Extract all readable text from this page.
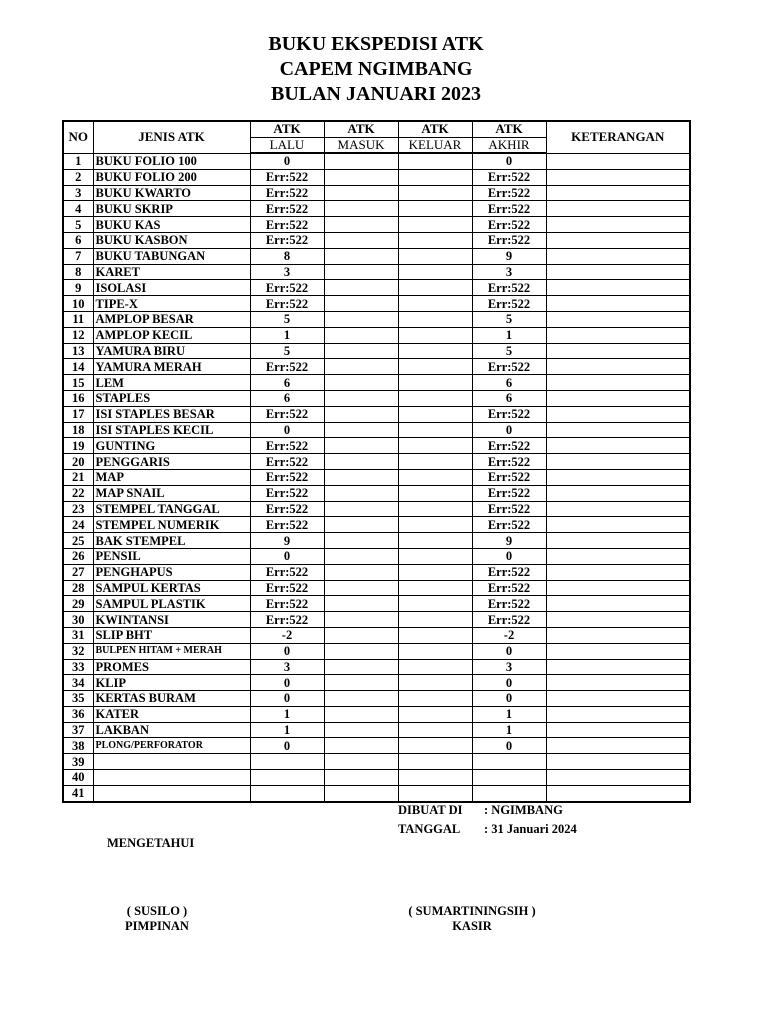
BUKU EKSPEDISI ATK
CAPEM NGIMBANG
BULAN JANUARI 2023
NO	JENIS ATK	ATK	ATK	ATK	ATK	KETERANGAN
		LALU	MASUK	KELUAR	AKHIR	
1	BUKU FOLIO 100	0			0	
2	BUKU FOLIO 200	Err:522			Err:522	
3	BUKU KWARTO	Err:522			Err:522	
4	BUKU SKRIP	Err:522			Err:522	
5	BUKU KAS	Err:522			Err:522	
6	BUKU KASBON	Err:522			Err:522	
7	BUKU TABUNGAN	8			9	
8	KARET	3			3	
9	ISOLASI	Err:522			Err:522	
10	TIPE-X	Err:522			Err:522	
11	AMPLOP BESAR	5			5	
12	AMPLOP KECIL	1			1	
13	YAMURA BIRU	5			5	
14	YAMURA MERAH	Err:522			Err:522	
15	LEM	6			6	
16	STAPLES	6			6	
17	ISI STAPLES BESAR	Err:522			Err:522	
18	ISI STAPLES KECIL	0			0	
19	GUNTING	Err:522			Err:522	
20	PENGGARIS	Err:522			Err:522	
21	MAP	Err:522			Err:522	
22	MAP SNAIL	Err:522			Err:522	
23	STEMPEL TANGGAL	Err:522			Err:522	
24	STEMPEL NUMERIK	Err:522			Err:522	
25	BAK STEMPEL	9			9	
26	PENSIL	0			0	
27	PENGHAPUS	Err:522			Err:522	
28	SAMPUL KERTAS	Err:522			Err:522	
29	SAMPUL PLASTIK	Err:522			Err:522	
30	KWINTANSI	Err:522			Err:522	
31	SLIP BHT	-2			-2	
32	BULPEN HITAM + MERAH	0			0	
33	PROMES	3			3	
34	KLIP	0			0	
35	KERTAS BURAM	0			0	
36	KATER	1			1	
37	LAKBAN	1			1	
38	PLONG/PERFORATOR	0			0	
39						
40						
41						
DIBUAT DI : NGIMBANG
TANGGAL : 31 Januari 2024
MENGETAHUI
( SUSILO )
PIMPINAN
( SUMARTININGSIH )
KASIR
